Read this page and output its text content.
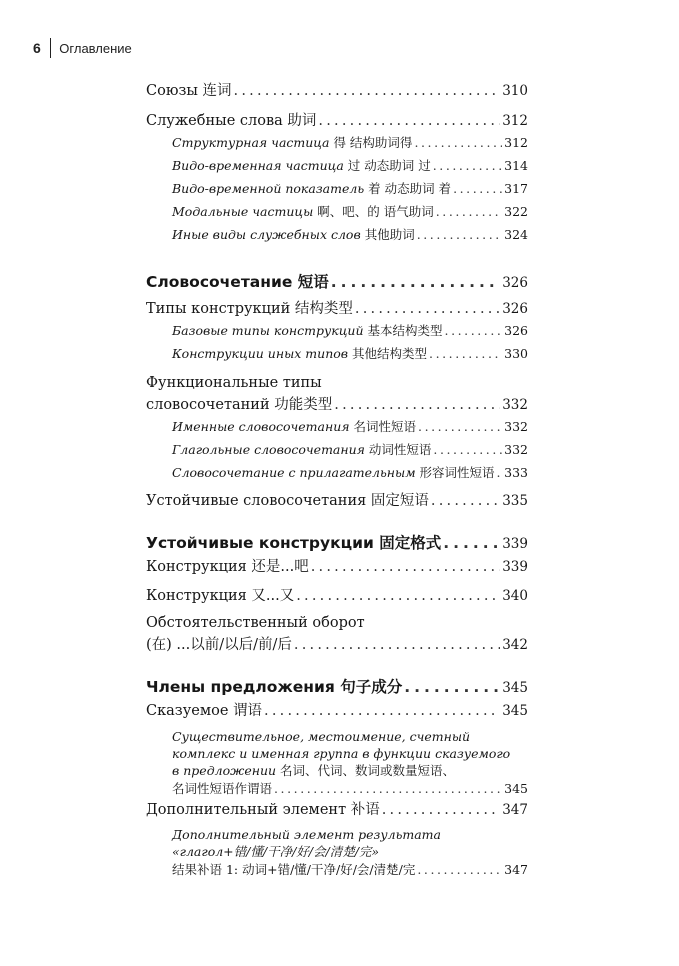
6 Оглавление
Союзы 连词 . . .	310
Служебные слова 助词 . . .	312
Структурная частица 得 结构助词得 . . .	312
Видо-временная частица 过 动态助词 过 . . .	314
Видо-временной показатель 着 动态助词 着 . . .	317
Модальные частицы 啊、吧、的 语气助词 . . .	322
Иные виды служебных слов 其他助词 . . .	324
Словосочетание 短语 . . .	326
Типы конструкций 结构类型 . . .	326
Базовые типы конструкций 基本结构类型 . . .	326
Конструкции иных типов 其他结构类型 . . .	330
Функциональные типы
словосочетаний 功能类型 . . .	332
Именные словосочетания 名词性短语 . . .	332
Глагольные словосочетания 动词性短语 . . .	332
Словосочетание с прилагательным 形容词性短语 . . . 333
Устойчивые словосочетания 固定短语 . . .	335
Устойчивые конструкции 固定格式 . . .	339
Конструкция 还是...吧 . . .	339
Конструкция 又...又 . . .	340
Обстоятельственный оборот
(在) ...以前/以后/前/后 . . .	342
Члены предложения 句子成分 . . .	345
Сказуемое 谓语 . . .	345
Существительное, местоимение, счетный
комплекс и именная группа в функции сказуемого
в предложении 名词、代词、数词或数量短语、
名词性短语作谓语 . . .	345
Дополнительный элемент 补语 . . .	347
Дополнительный элемент результата
«глагол+错/懂/干净/好/会/清楚/完»
结果补语 1: 动词+错/懂/干净/好/会/清楚/完 . . .	347
